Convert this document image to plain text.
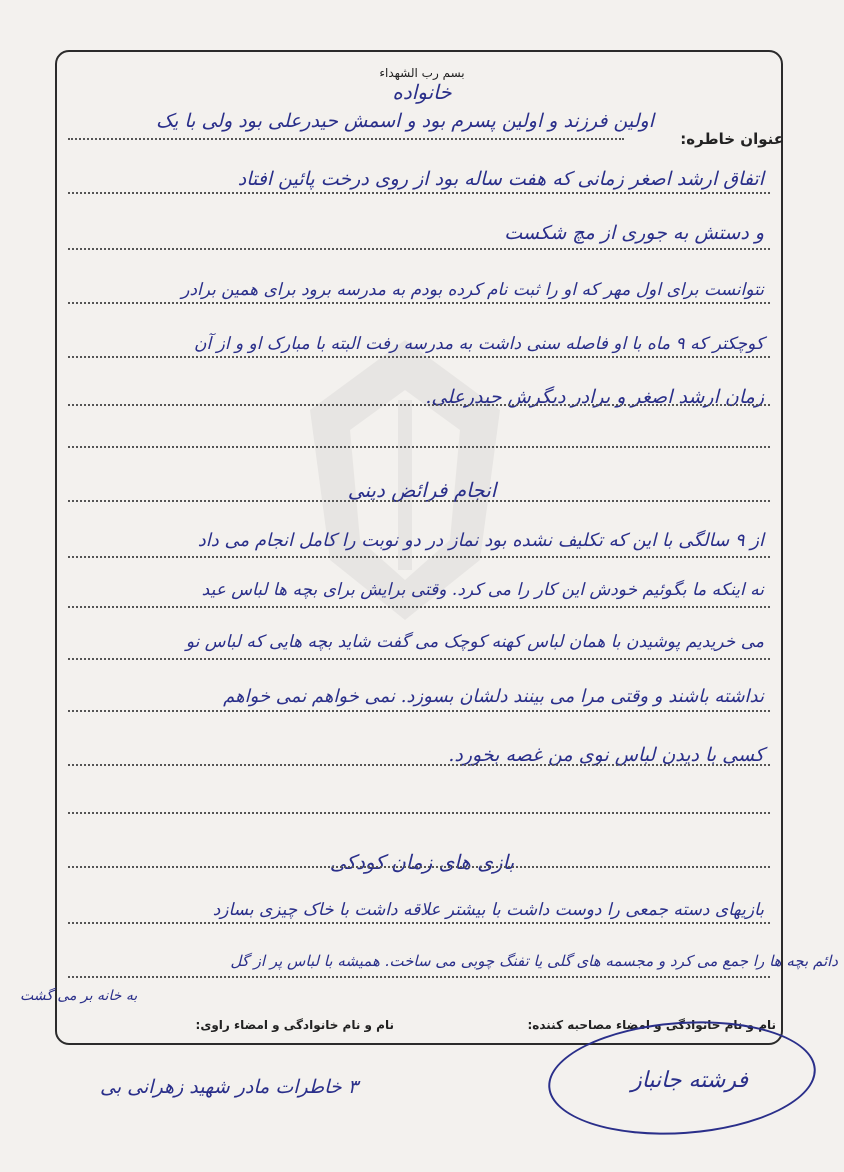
بسم رب الشهداء
خانواده
عنوان خاطره:
اولین فرزند و اولین پسرم بود و اسمش حیدرعلی بود ولی با یک
اتفاق ارشد اصغر زمانی که هفت ساله بود از روی درخت پائین افتاد
و دستش به جوری از مچ شکست
نتوانست برای اول مهر که او را ثبت نام کرده بودم به مدرسه برود برای همین برادر
کوچکتر که ۹ ماه با او فاصله سنی داشت به مدرسه رفت البته با مبارک او و از آن
زمان ارشد اصغر و برادر دیگرش حیدرعلی.
انجام فرائض دینی
از ۹ سالگی با این که تکلیف نشده بود نماز در دو نوبت را کامل انجام می داد
نه اینکه ما بگوئیم خودش این کار را می کرد. وقتی برایش برای بچه ها لباس عید
می خریدیم پوشیدن با همان لباس کهنه کوچک می گفت شاید بچه هایی که لباس نو
نداشته باشند و وقتی مرا می بینند دلشان بسوزد. نمی خواهم نمی خواهم
کسی با دیدن لباس نوی من غصه بخورد.
بازی های زمان کودکی
بازیهای دسته جمعی را دوست داشت با بیشتر علاقه داشت با خاک چیزی بسازد
دائم بچه ها را جمع می کرد و مجسمه های گلی یا تفنگ چوبی می ساخت. همیشه با لباس پر از گل
به خانه بر می گشت
نام و نام خانوادگی و امضاء مصاحبه کننده:
نام و نام خانوادگی و امضاء راوی:
فرشته جانباز
۳ خاطرات مادر شهید زهرانی بی
